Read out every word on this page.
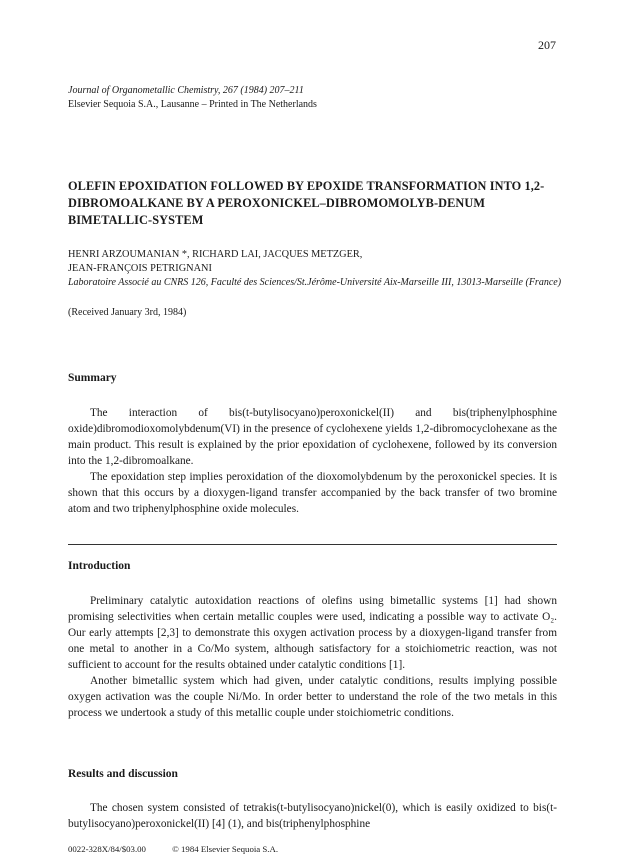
207
Journal of Organometallic Chemistry, 267 (1984) 207–211
Elsevier Sequoia S.A., Lausanne – Printed in The Netherlands
OLEFIN EPOXIDATION FOLLOWED BY EPOXIDE TRANSFORMATION INTO 1,2-DIBROMOALKANE BY A PEROXONICKEL–DIBROMOMOLYB-DENUM BIMETALLIC-SYSTEM
HENRI ARZOUMANIAN *, RICHARD LAI, JACQUES METZGER,
JEAN-FRANÇOIS PETRIGNANI
Laboratoire Associé au CNRS 126, Faculté des Sciences/St.Jérôme-Université Aix-Marseille III, 13013-Marseille (France)
(Received January 3rd, 1984)
Summary

The interaction of bis(t-butylisocyano)peroxonickel(II) and bis(triphenylphosphine oxide)dibromodioxomolybdenum(VI) in the presence of cyclohexene yields 1,2-dibromocyclohexane as the main product. This result is explained by the prior epoxidation of cyclohexene, followed by its conversion into the 1,2-dibromoalkane.

The epoxidation step implies peroxidation of the dioxomolybdenum by the peroxonickel species. It is shown that this occurs by a dioxygen-ligand transfer accompanied by the back transfer of two bromine atom and two triphenylphosphine oxide molecules.

Introduction

Preliminary catalytic autoxidation reactions of olefins using bimetallic systems [1] had shown promising selectivities when certain metallic couples were used, indicating a possible way to activate O₂. Our early attempts [2,3] to demonstrate this oxygen activation process by a dioxygen-ligand transfer from one metal to another in a Co/Mo system, although satisfactory for a stoichiometric reaction, was not sufficient to account for the results obtained under catalytic conditions [1].

Another bimetallic system which had given, under catalytic conditions, results implying possible oxygen activation was the couple Ni/Mo. In order better to understand the role of the two metals in this process we undertook a study of this metallic couple under stoichiometric conditions.

Results and discussion

The chosen system consisted of tetrakis(t-butylisocyano)nickel(0), which is easily oxidized to bis(t-butylisocyano)peroxonickel(II) [4] (1), and bis(triphenylphosphine

0022-328X/84/$03.00	© 1984 Elsevier Sequoia S.A.
